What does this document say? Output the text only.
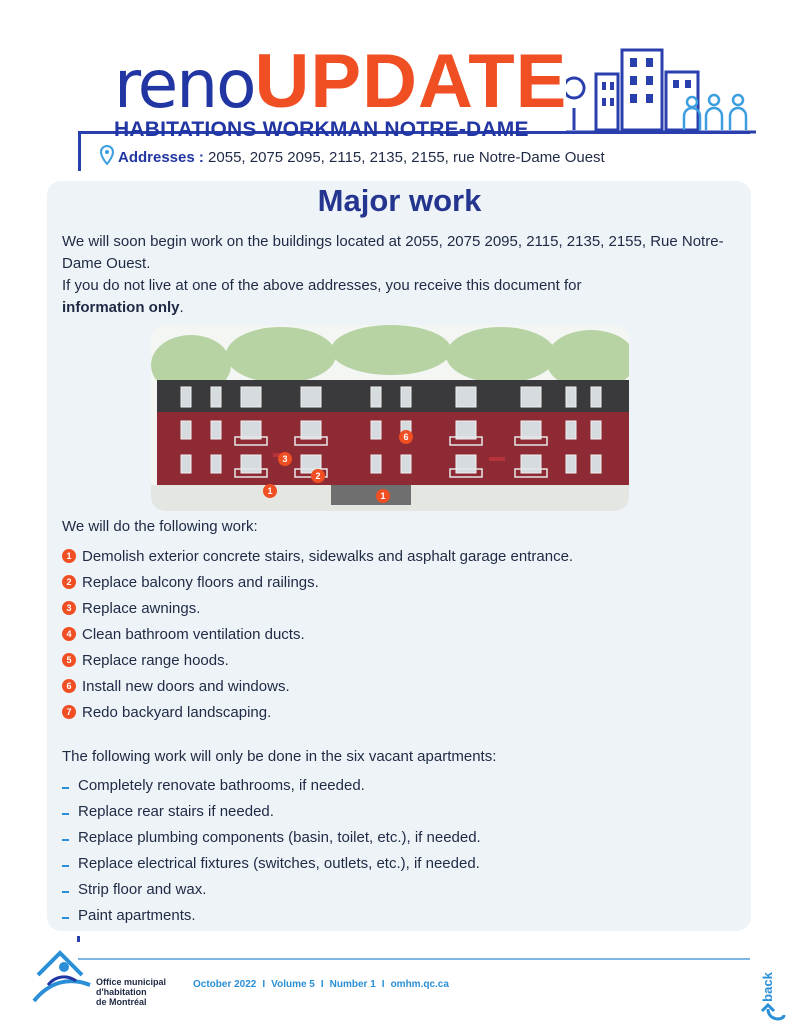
renoUPDATE
HABITATIONS WORKMAN NOTRE-DAME
Addresses : 2055, 2075 2095, 2115, 2135, 2155, rue Notre-Dame Ouest
Major work
We will soon begin work on the buildings located at 2055, 2075 2095, 2115, 2135, 2155, Rue Notre-Dame Ouest.
If you do not live at one of the above addresses, you receive this document for
information only.
1	1
2
3
6
We will do the following work:
1 Demolish exterior concrete stairs, sidewalks and asphalt garage entrance.
2 Replace balcony floors and railings.
3 Replace awnings.
4 Clean bathroom ventilation ducts.
5 Replace range hoods.
6 Install new doors and windows.
7 Redo backyard landscaping.
The following work will only be done in the six vacant apartments:
Completely renovate bathrooms, if needed.
Replace rear stairs if needed.
Replace plumbing components (basin, toilet, etc.), if needed.
Replace electrical fixtures (switches, outlets, etc.), if needed.
Strip floor and wax.
Paint apartments.
Office municipal
d'habitation
de Montréal
October 2022 I Volume 5 I Number 1 I omhm.qc.ca	back
